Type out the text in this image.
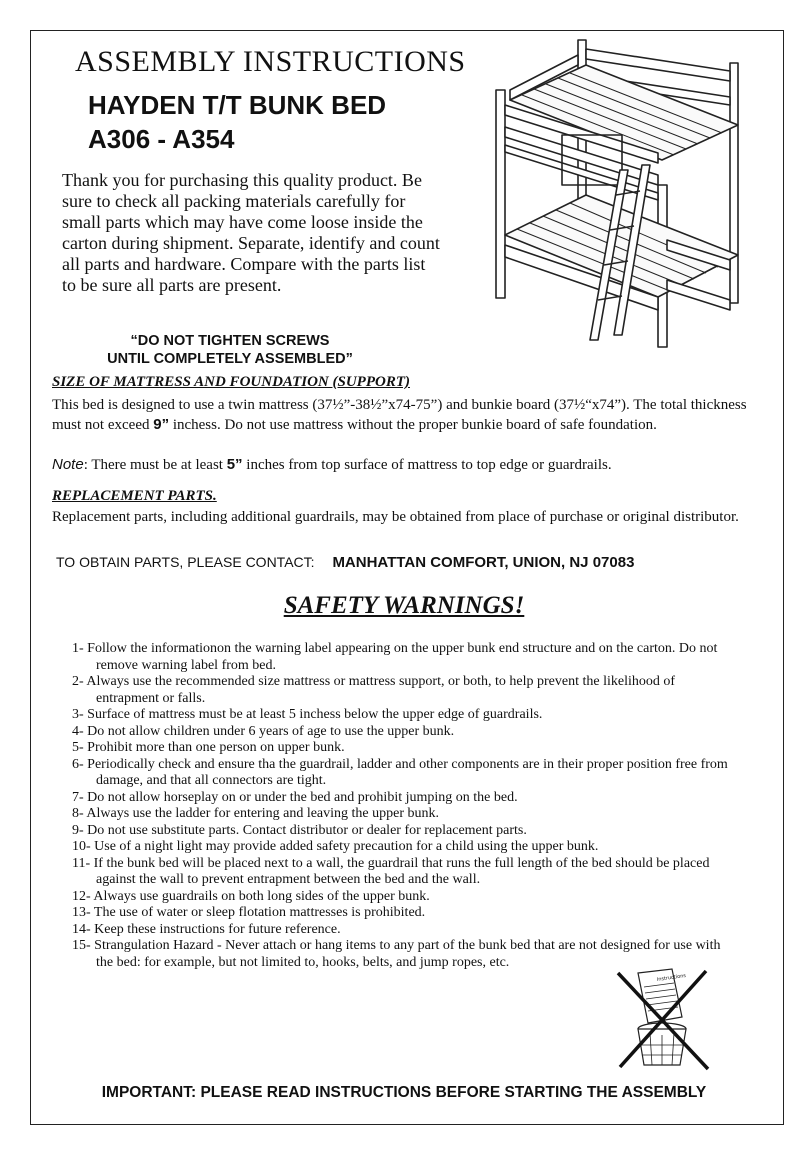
ASSEMBLY INSTRUCTIONS
HAYDEN T/T BUNK BED
A306 - A354
Thank you for purchasing this quality product. Be sure to check all packing materials carefully for small parts which may have come loose inside the carton during shipment. Separate, identify and count all parts and hardware. Compare with the parts list to be sure all parts are present.
“DO NOT TIGHTEN SCREWS
UNTIL COMPLETELY ASSEMBLED”
SIZE OF MATTRESS AND FOUNDATION (SUPPORT)
This bed is designed to use a twin mattress (37½”-38½”x74-75”) and bunkie board (37½“x74”). The total thickness must not exceed 9” inchess. Do not use mattress without the proper bunkie board of safe foundation.
Note: There must be at least 5” inches from top surface of mattress to top edge or guardrails.
REPLACEMENT PARTS.
Replacement parts, including additional guardrails, may be obtained from place of purchase or original distributor.
TO OBTAIN PARTS, PLEASE CONTACT: MANHATTAN COMFORT, UNION, NJ 07083
SAFETY WARNINGS!
1- Follow the informationon the warning label appearing on the upper bunk end structure and on the carton. Do not remove warning label from bed.
2- Always use the recommended size mattress or mattress support, or both, to help prevent the likelihood of entrapment or falls.
3- Surface of mattress must be at least 5 inchess below the upper edge of guardrails.
4- Do not allow children under 6 years of age to use the upper bunk.
5- Prohibit more than one person on upper bunk.
6- Periodically check and ensure tha the guardrail, ladder and other components are in their proper position free from damage, and that all connectors are tight.
7- Do not allow horseplay on or under the bed and prohibit jumping on the bed.
8- Always use the ladder for entering and leaving the upper bunk.
9- Do not use substitute parts. Contact distributor or dealer for replacement parts.
10- Use of a night light may provide added safety precaution for a child using the upper bunk.
11- If the bunk bed will be placed next to a wall, the guardrail that runs the full length of the bed should be placed against the wall to prevent entrapment between the bed and the wall.
12- Always use guardrails on both long sides of the upper bunk.
13- The use of water or sleep flotation mattresses is prohibited.
14- Keep these instructions for future reference.
15- Strangulation Hazard - Never attach or hang items to any part of the bunk bed that are not designed for use with the bed: for example, but not limited to, hooks, belts, and jump ropes, etc.
Instructions
IMPORTANT: PLEASE READ INSTRUCTIONS BEFORE STARTING THE ASSEMBLY
